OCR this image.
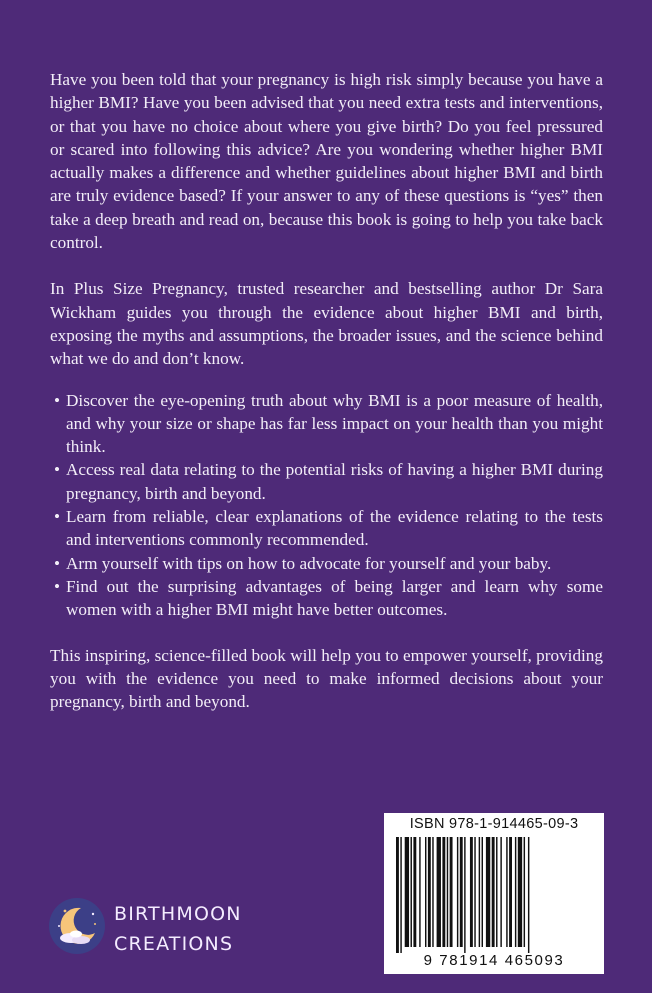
Have you been told that your pregnancy is high risk simply because you have a higher BMI? Have you been advised that you need extra tests and interventions, or that you have no choice about where you give birth? Do you feel pressured or scared into following this advice? Are you wondering whether higher BMI actually makes a difference and whether guidelines about higher BMI and birth are truly evidence based? If your answer to any of these questions is “yes” then take a deep breath and read on, because this book is going to help you take back control.

In Plus Size Pregnancy, trusted researcher and bestselling author Dr Sara Wickham guides you through the evidence about higher BMI and birth, exposing the myths and assumptions, the broader issues, and the science behind what we do and don’t know.

• Discover the eye-opening truth about why BMI is a poor measure of health, and why your size or shape has far less impact on your health than you might think.
• Access real data relating to the potential risks of having a higher BMI during pregnancy, birth and beyond.
• Learn from reliable, clear explanations of the evidence relating to the tests and interventions commonly recommended.
• Arm yourself with tips on how to advocate for yourself and your baby.
• Find out the surprising advantages of being larger and learn why some women with a higher BMI might have better outcomes.

This inspiring, science-filled book will help you to empower yourself, providing you with the evidence you need to make informed decisions about your pregnancy, birth and beyond.

BIRTHMOON
CREATIONS
ISBN 978-1-914465-09-3
9 781914 465093
